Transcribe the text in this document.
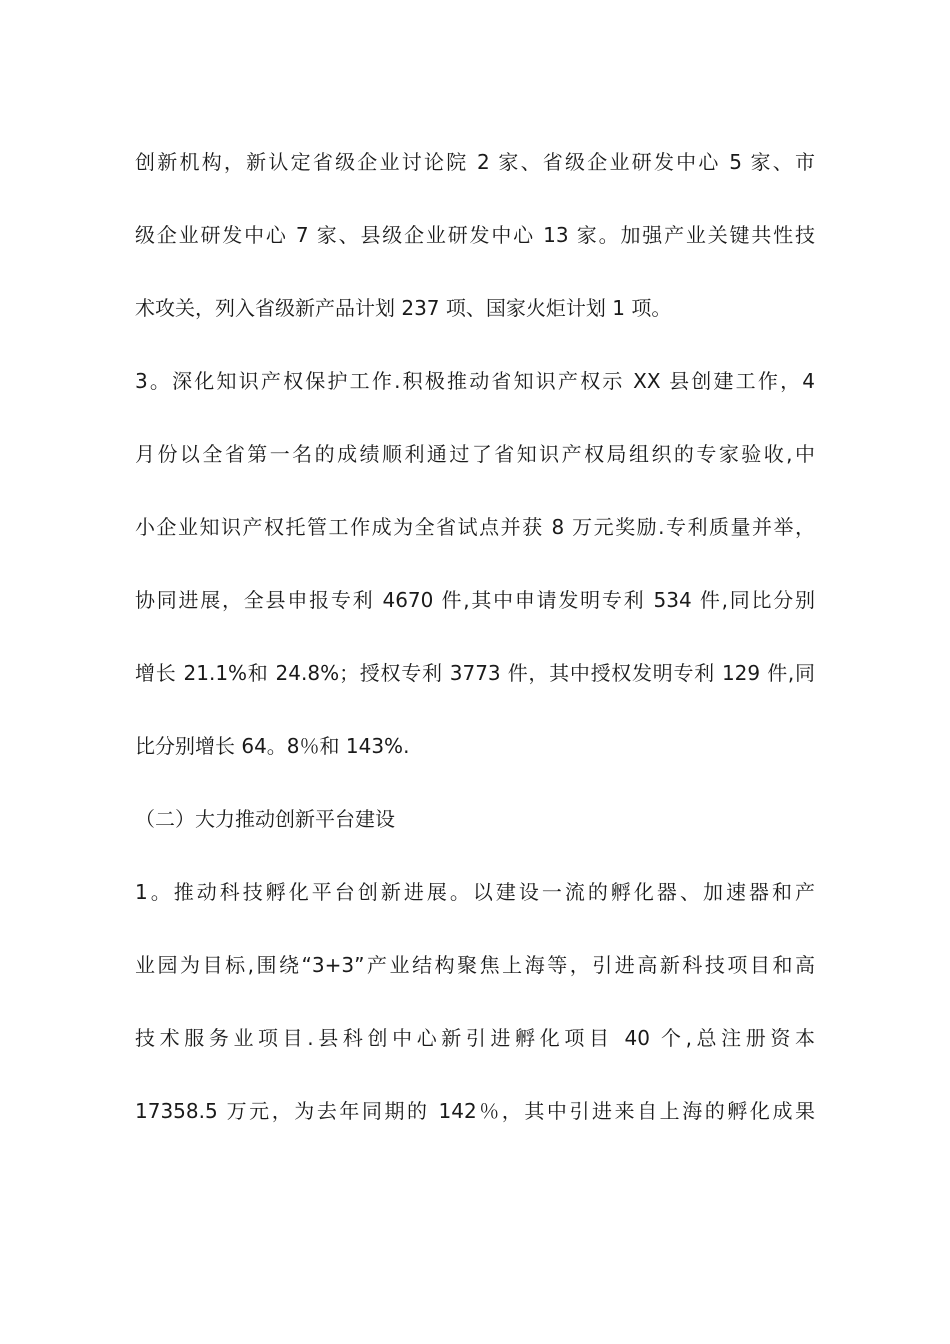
创新机构，新认定省级企业讨论院 2 家、省级企业研发中心 5 家、市
级企业研发中心 7 家、县级企业研发中心 13 家。加强产业关键共性技
术攻关，列入省级新产品计划 237 项、国家火炬计划 1 项。
3。深化知识产权保护工作.积极推动省知识产权示 XX 县创建工作，4
月份以全省第一名的成绩顺利通过了省知识产权局组织的专家验收,中
小企业知识产权托管工作成为全省试点并获 8 万元奖励.专利质量并举，
协同进展，全县申报专利 4670 件,其中申请发明专利 534 件,同比分别
增长 21.1%和 24.8%；授权专利 3773 件，其中授权发明专利 129 件,同
比分别增长 64。8％和 143%.
（二）大力推动创新平台建设
1。推动科技孵化平台创新进展。以建设一流的孵化器、加速器和产
业园为目标,围绕“3+3”产业结构聚焦上海等，引进高新科技项目和高
技术服务业项目.县科创中心新引进孵化项目 40 个,总注册资本
17358.5 万元，为去年同期的 142％，其中引进来自上海的孵化成果
